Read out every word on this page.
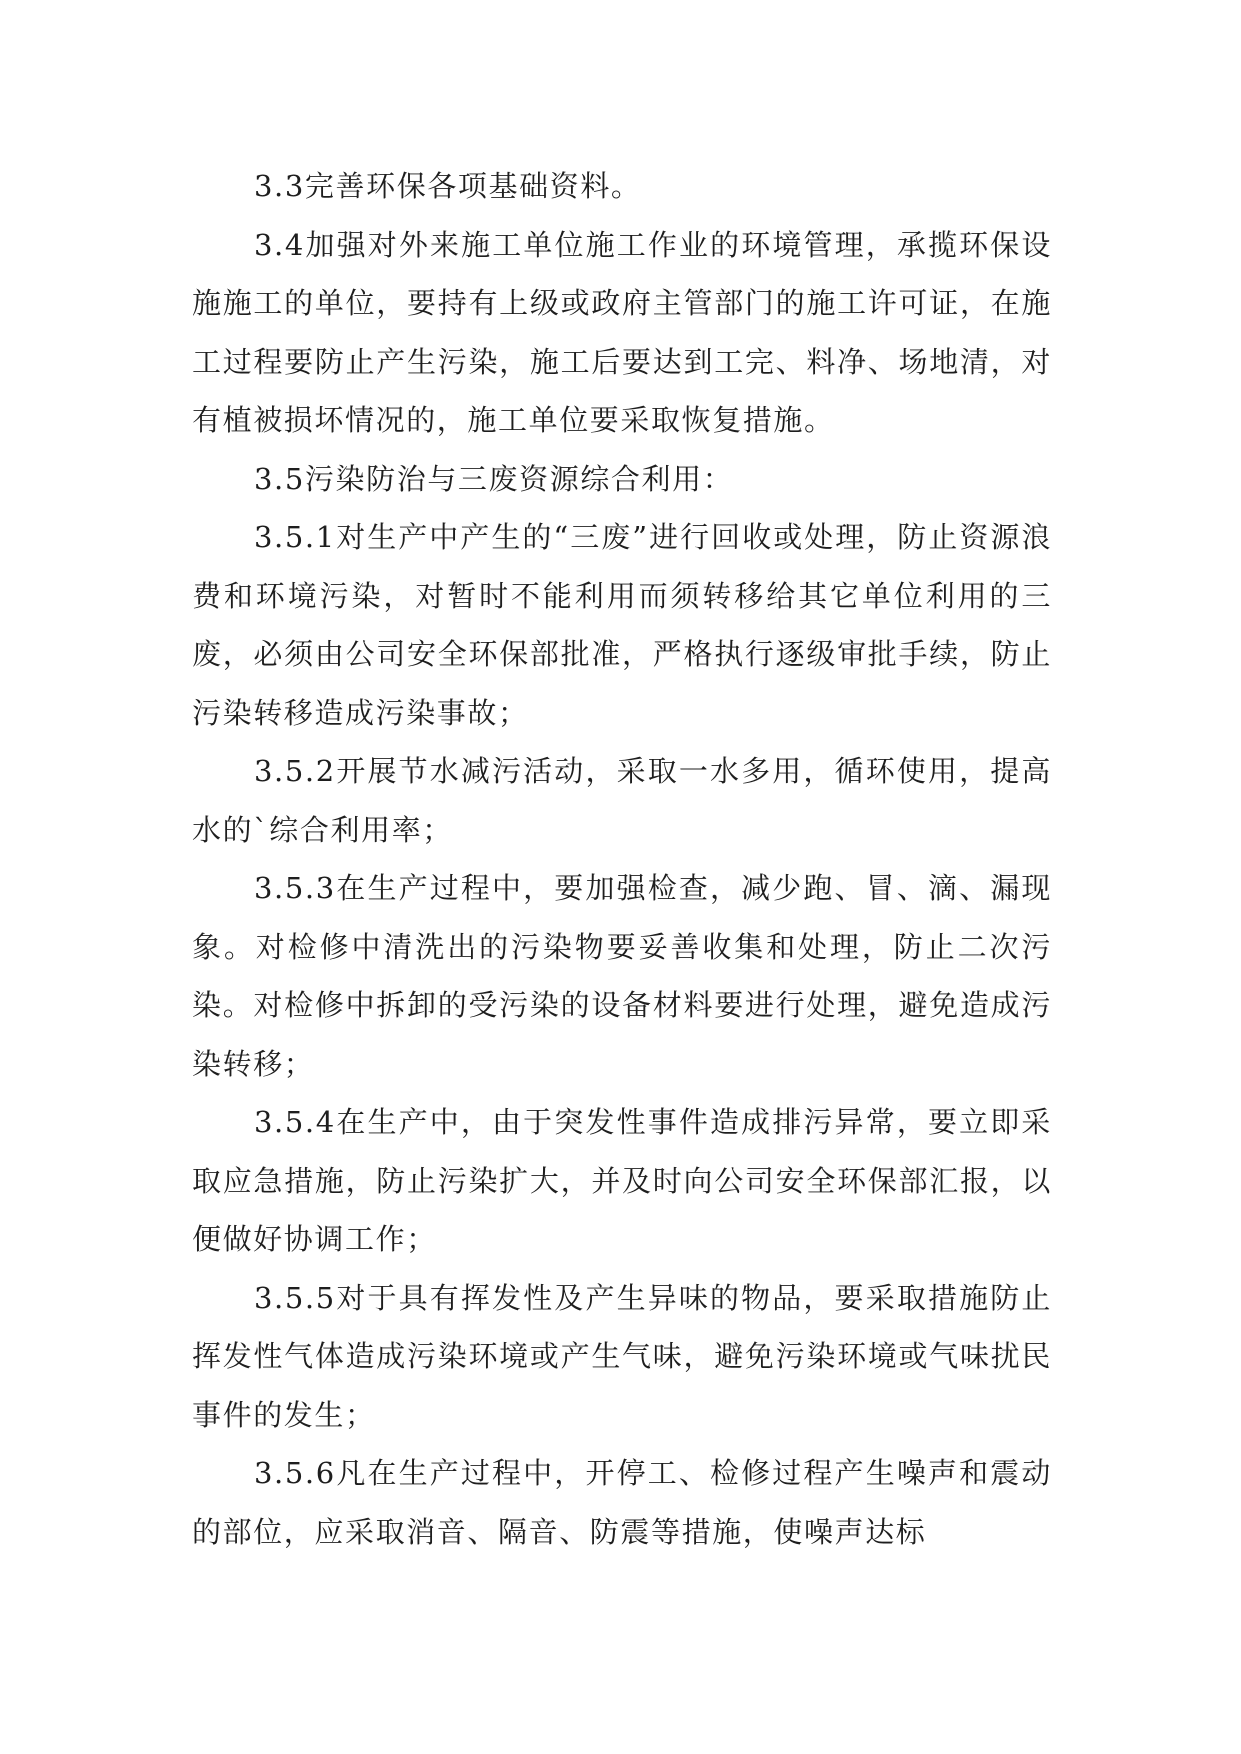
3.3完善环保各项基础资料。

3.4加强对外来施工单位施工作业的环境管理，承揽环保设施施工的单位，要持有上级或政府主管部门的施工许可证，在施工过程要防止产生污染，施工后要达到工完、料净、场地清，对有植被损坏情况的，施工单位要采取恢复措施。

3.5污染防治与三废资源综合利用：

3.5.1对生产中产生的“三废”进行回收或处理，防止资源浪费和环境污染，对暂时不能利用而须转移给其它单位利用的三废，必须由公司安全环保部批准，严格执行逐级审批手续，防止污染转移造成污染事故；

3.5.2开展节水减污活动，采取一水多用，循环使用，提高水的`综合利用率；

3.5.3在生产过程中，要加强检查，减少跑、冒、滴、漏现象。对检修中清洗出的污染物要妥善收集和处理，防止二次污染。对检修中拆卸的受污染的设备材料要进行处理，避免造成污染转移；

3.5.4在生产中，由于突发性事件造成排污异常，要立即采取应急措施，防止污染扩大，并及时向公司安全环保部汇报，以便做好协调工作；

3.5.5对于具有挥发性及产生异味的物品，要采取措施防止挥发性气体造成污染环境或产生气味，避免污染环境或气味扰民事件的发生；

3.5.6凡在生产过程中，开停工、检修过程产生噪声和震动的部位，应采取消音、隔音、防震等措施，使噪声达标
